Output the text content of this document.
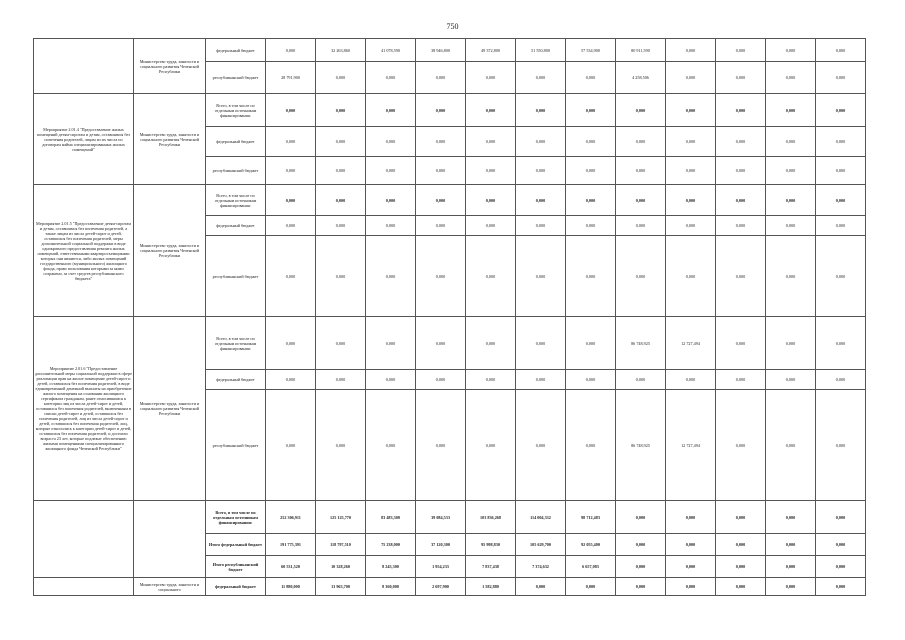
750
	Министерство труда, занятости и социального развития Чеченской Республики	федеральный бюджет	0,000	32 263,860	41 078,590	38 946,800	49 372,800	51 550,800	57 534,900	80 911,590	0,000	0,000	0,000	0,000
		республиканский бюджет	28 791,900	0,000	0,000	0,000	0,000	0,000	0,000	4 258,506	0,000	0,000	0,000	0,000
Мероприятие 2.01.4 "Предоставление жилых помещений детям-сиротам и детям, оставшимся без попечения родителей, лицам из их числа по договорам найма специализированных жилых помещений"	Министерство труда, занятости и социального развития Чеченской Республики	Всего, в том числе по отдельным источникам финансирования:	0,000	0,000	0,000	0,000	0,000	0,000	0,000	0,000	0,000	0,000	0,000	0,000
		федеральный бюджет	0,000	0,000	0,000	0,000	0,000	0,000	0,000	0,000	0,000	0,000	0,000	0,000
		республиканский бюджет	0,000	0,000	0,000	0,000	0,000	0,000	0,000	0,000	0,000	0,000	0,000	0,000
Мероприятие 2.01.5 "Предоставление детям-сиротам и детям, оставшимся без попечения родителей, а также лицам из числа детей-сирот и детей, оставшихся без попечения родителей, меры дополнительной социальной поддержки в виде однократного предоставления ремонта жилых помещений, ответственными квартиросъемщиками которых они являются, либо жилых помещений государственного (муниципального) жилищного фонда, право пользования которыми за ними сохранено, за счет средств республиканского бюджета"	Министерство труда, занятости и социального развития Чеченской Республики	Всего, в том числе по отдельным источникам финансирования:	0,000	0,000	0,000	0,000	0,000	0,000	0,000	0,000	0,000	0,000	0,000	0,000
		федеральный бюджет	0,000	0,000	0,000	0,000	0,000	0,000	0,000	0,000	0,000	0,000	0,000	0,000
		республиканский бюджет	0,000	0,000	0,000	0,000	0,000	0,000	0,000	0,000	0,000	0,000	0,000	0,000
Мероприятие 2.01.6 "Предоставление дополнительной меры социальной поддержки в сфере реализации прав на жилое помещение детей-сирот и детей, оставшихся без попечения родителей, в виде единовременной денежной выплаты на приобретение жилого помещения на основании жилищного сертификата гражданам, ранее относившимся к категории лиц из числа детей-сирот и детей, оставшихся без попечения родителей, включенным в списки детей-сирот и детей, оставшихся без попечения родителей, лиц из числа детей-сирот и детей, оставшихся без попечения родителей, лиц, которые относились к категории детей-сирот и детей, оставшихся без попечения родителей, и достигли возраста 23 лет, которые подлежат обеспечению жилыми помещениями специализированного жилищного фонда Чеченской Республики"	Министерство труда, занятости и социального развития Чеченской Республики	Всего, в том числе по отдельным источникам финансирования:	0,000	0,000	0,000	0,000	0,000	0,000	0,000	86 748,925	12 727,494	0,000	0,000	0,000
		федеральный бюджет	0,000	0,000	0,000	0,000	0,000	0,000	0,000	0,000	0,000	0,000	0,000	0,000
		республиканский бюджет	0,000	0,000	0,000	0,000	0,000	0,000	0,000	86 748,925	12 727,494	0,000	0,000	0,000
		Всего, в том числе по отдельным источникам финансирования:	252 306,911	125 125,770	83 483,300	39 084,533	103 836,268	114 004,332	98 712,483	0,000	0,000	0,000	0,000	0,000
		Итого федеральный бюджет	191 775,391	118 797,510	75 238,000	37 120,300	95 998,830	105 629,700	92 055,400	0,000	0,000	0,000	0,000	0,000
		Итого республиканский бюджет	60 531,520	10 328,260	8 245,300	1 954,233	7 837,438	7 374,632	6 657,083	0,000	0,000	0,000	0,000	0,000
	Министерство труда, занятости и социального	федеральный бюджет	11 880,000	13 963,700	8 360,000	2 697,900	1 582,880	0,000	0,000	0,000	0,000	0,000	0,000	0,000
